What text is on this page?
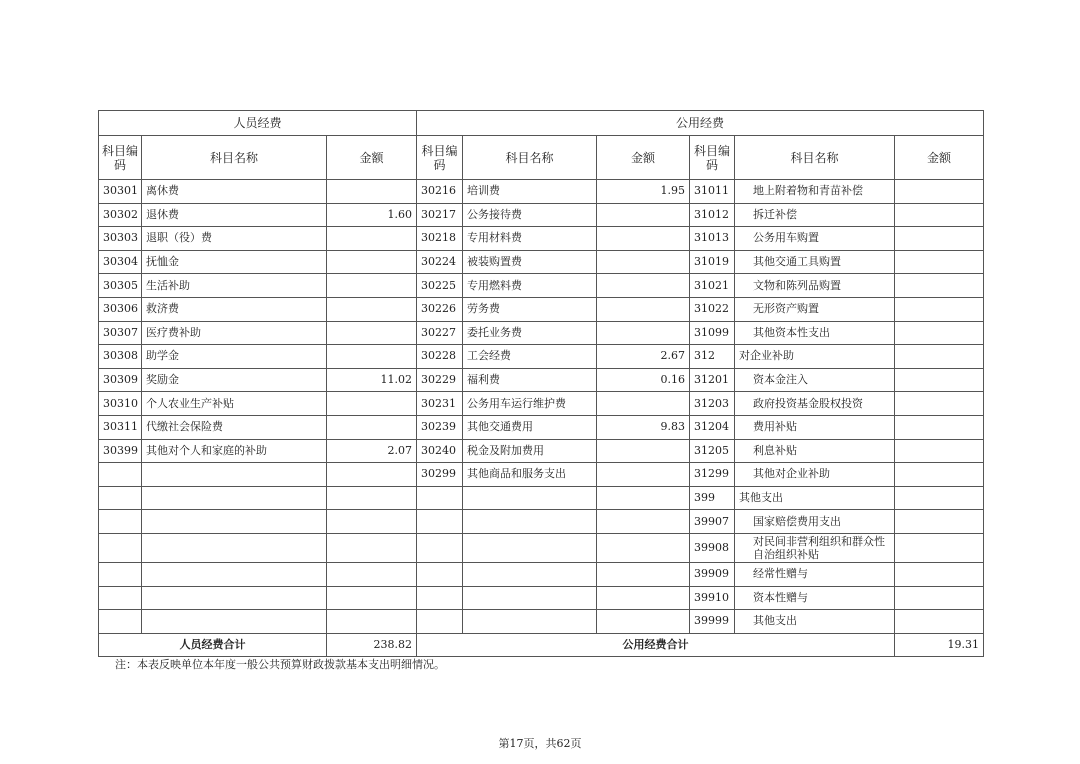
人员经费			公用经费					
科目编码	科目名称	金额	科目编码	科目名称	金额	科目编码	科目名称	金额
30301	离休费		30216	培训费	1.95	31011	地上附着物和青苗补偿	
30302	退休费	1.60	30217	公务接待费		31012	拆迁补偿	
30303	退职（役）费		30218	专用材料费		31013	公务用车购置	
30304	抚恤金		30224	被装购置费		31019	其他交通工具购置	
30305	生活补助		30225	专用燃料费		31021	文物和陈列品购置	
30306	救济费		30226	劳务费		31022	无形资产购置	
30307	医疗费补助		30227	委托业务费		31099	其他资本性支出	
30308	助学金		30228	工会经费	2.67	312	对企业补助	
30309	奖励金	11.02	30229	福利费	0.16	31201	资本金注入	
30310	个人农业生产补贴		30231	公务用车运行维护费		31203	政府投资基金股权投资	
30311	代缴社会保险费		30239	其他交通费用	9.83	31204	费用补贴	
30399	其他对个人和家庭的补助	2.07	30240	税金及附加费用		31205	利息补贴	
			30299	其他商品和服务支出		31299	其他对企业补助	
						399	其他支出	
						39907	国家赔偿费用支出	
						39908	对民间非营利组织和群众性自治组织补贴	
						39909	经常性赠与	
						39910	资本性赠与	
						39999	其他支出	
人员经费合计		238.82	公用经费合计					19.31
注：本表反映单位本年度一般公共预算财政拨款基本支出明细情况。
第17页，共62页
